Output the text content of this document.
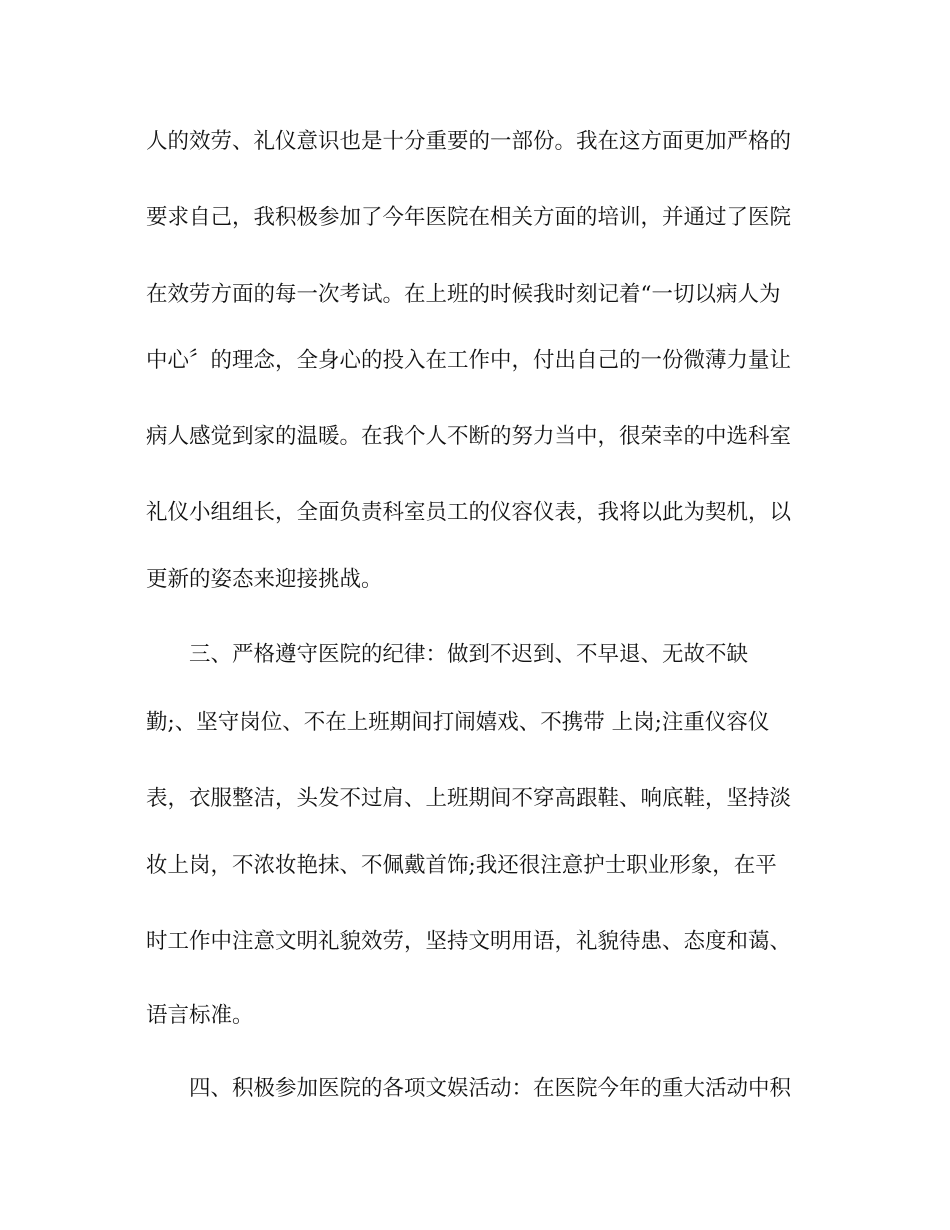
人的效劳、礼仪意识也是十分重要的一部份。我在这方面更加严格的
要求自己，我积极参加了今年医院在相关方面的培训，并通过了医院
在效劳方面的每一次考试。在上班的时候我时刻记着“一切以病人为
中心〞的理念，全身心的投入在工作中，付出自己的一份微薄力量让
病人感觉到家的温暖。在我个人不断的努力当中，很荣幸的中选科室
礼仪小组组长，全面负责科室员工的仪容仪表，我将以此为契机，以
更新的姿态来迎接挑战。
三、严格遵守医院的纪律：做到不迟到、不早退、无故不缺
勤;、坚守岗位、不在上班期间打闹嬉戏、不携带 上岗;注重仪容仪
表，衣服整洁，头发不过肩、上班期间不穿高跟鞋、响底鞋，坚持淡
妆上岗，不浓妆艳抹、不佩戴首饰;我还很注意护士职业形象，在平
时工作中注意文明礼貌效劳，坚持文明用语，礼貌待患、态度和蔼、
语言标准。
四、积极参加医院的各项文娱活动：在医院今年的重大活动中积
